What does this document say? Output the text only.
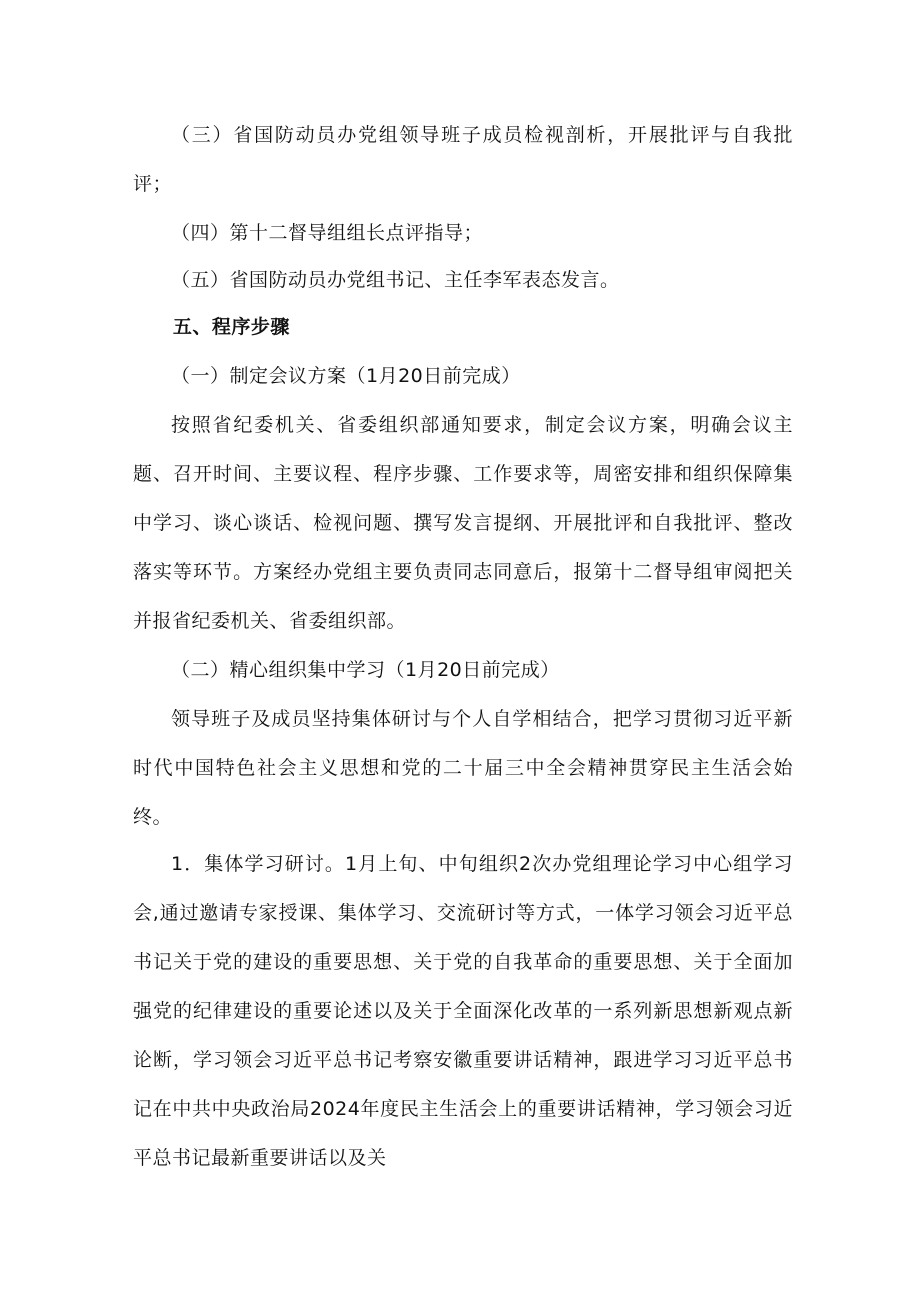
（三）省国防动员办党组领导班子成员检视剖析，开展批评与自我批评；

（四）第十二督导组组长点评指导；

（五）省国防动员办党组书记、主任李军表态发言。

五、程序步骤

（一）制定会议方案（1月20日前完成）

按照省纪委机关、省委组织部通知要求，制定会议方案，明确会议主题、召开时间、主要议程、程序步骤、工作要求等，周密安排和组织保障集中学习、谈心谈话、检视问题、撰写发言提纲、开展批评和自我批评、整改落实等环节。方案经办党组主要负责同志同意后，报第十二督导组审阅把关并报省纪委机关、省委组织部。

（二）精心组织集中学习（1月20日前完成）

领导班子及成员坚持集体研讨与个人自学相结合，把学习贯彻习近平新时代中国特色社会主义思想和党的二十届三中全会精神贯穿民主生活会始终。

1．集体学习研讨。1月上旬、中旬组织2次办党组理论学习中心组学习会,通过邀请专家授课、集体学习、交流研讨等方式，一体学习领会习近平总书记关于党的建设的重要思想、关于党的自我革命的重要思想、关于全面加强党的纪律建设的重要论述以及关于全面深化改革的一系列新思想新观点新论断，学习领会习近平总书记考察安徽重要讲话精神，跟进学习习近平总书记在中共中央政治局2024年度民主生活会上的重要讲话精神，学习领会习近平总书记最新重要讲话以及关
